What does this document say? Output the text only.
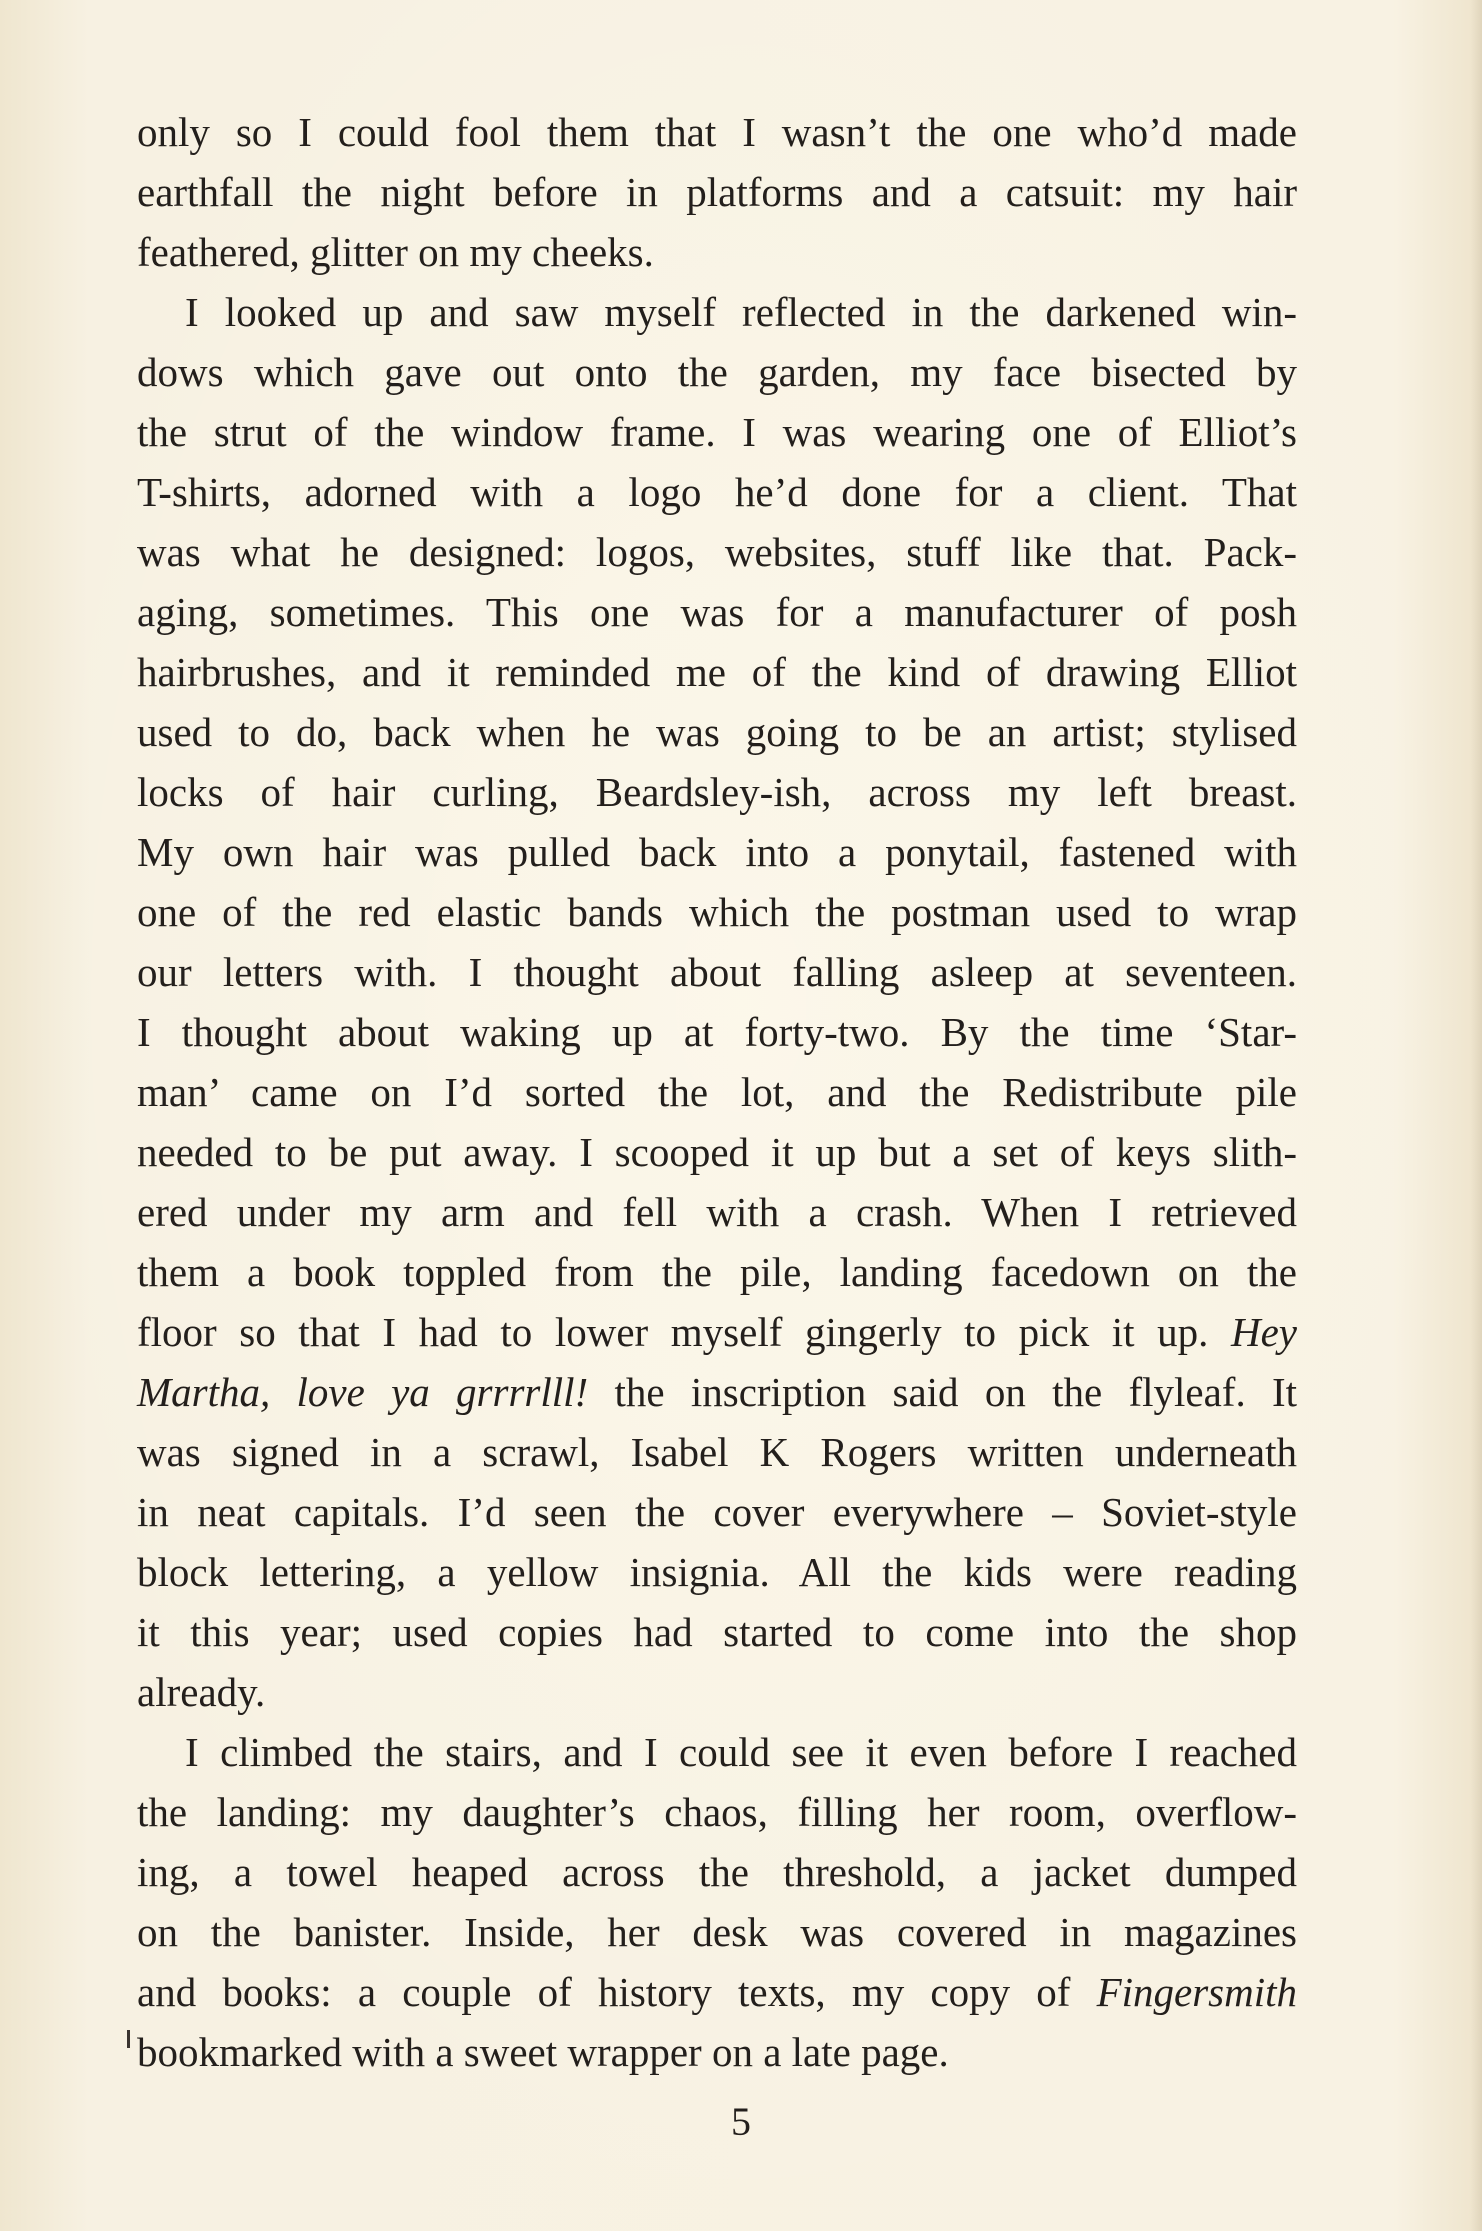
only so I could fool them that I wasn’t the one who’d made
earthfall the night before in platforms and a catsuit: my hair
feathered, glitter on my cheeks.
I looked up and saw myself reflected in the darkened win-
dows which gave out onto the garden, my face bisected by
the strut of the window frame. I was wearing one of Elliot’s
T-shirts, adorned with a logo he’d done for a client. That
was what he designed: logos, websites, stuff like that. Pack-
aging, sometimes. This one was for a manufacturer of posh
hairbrushes, and it reminded me of the kind of drawing Elliot
used to do, back when he was going to be an artist; stylised
locks of hair curling, Beardsley-ish, across my left breast.
My own hair was pulled back into a ponytail, fastened with
one of the red elastic bands which the postman used to wrap
our letters with. I thought about falling asleep at seventeen.
I thought about waking up at forty-two. By the time ‘Star-
man’ came on I’d sorted the lot, and the Redistribute pile
needed to be put away. I scooped it up but a set of keys slith-
ered under my arm and fell with a crash. When I retrieved
them a book toppled from the pile, landing facedown on the
floor so that I had to lower myself gingerly to pick it up. Hey
Martha, love ya grrrrlll! the inscription said on the flyleaf. It
was signed in a scrawl, Isabel K Rogers written underneath
in neat capitals. I’d seen the cover everywhere – Soviet-style
block lettering, a yellow insignia. All the kids were reading
it this year; used copies had started to come into the shop
already.
I climbed the stairs, and I could see it even before I reached
the landing: my daughter’s chaos, filling her room, overflow-
ing, a towel heaped across the threshold, a jacket dumped
on the banister. Inside, her desk was covered in magazines
and books: a couple of history texts, my copy of Fingersmith
bookmarked with a sweet wrapper on a late page.
5
